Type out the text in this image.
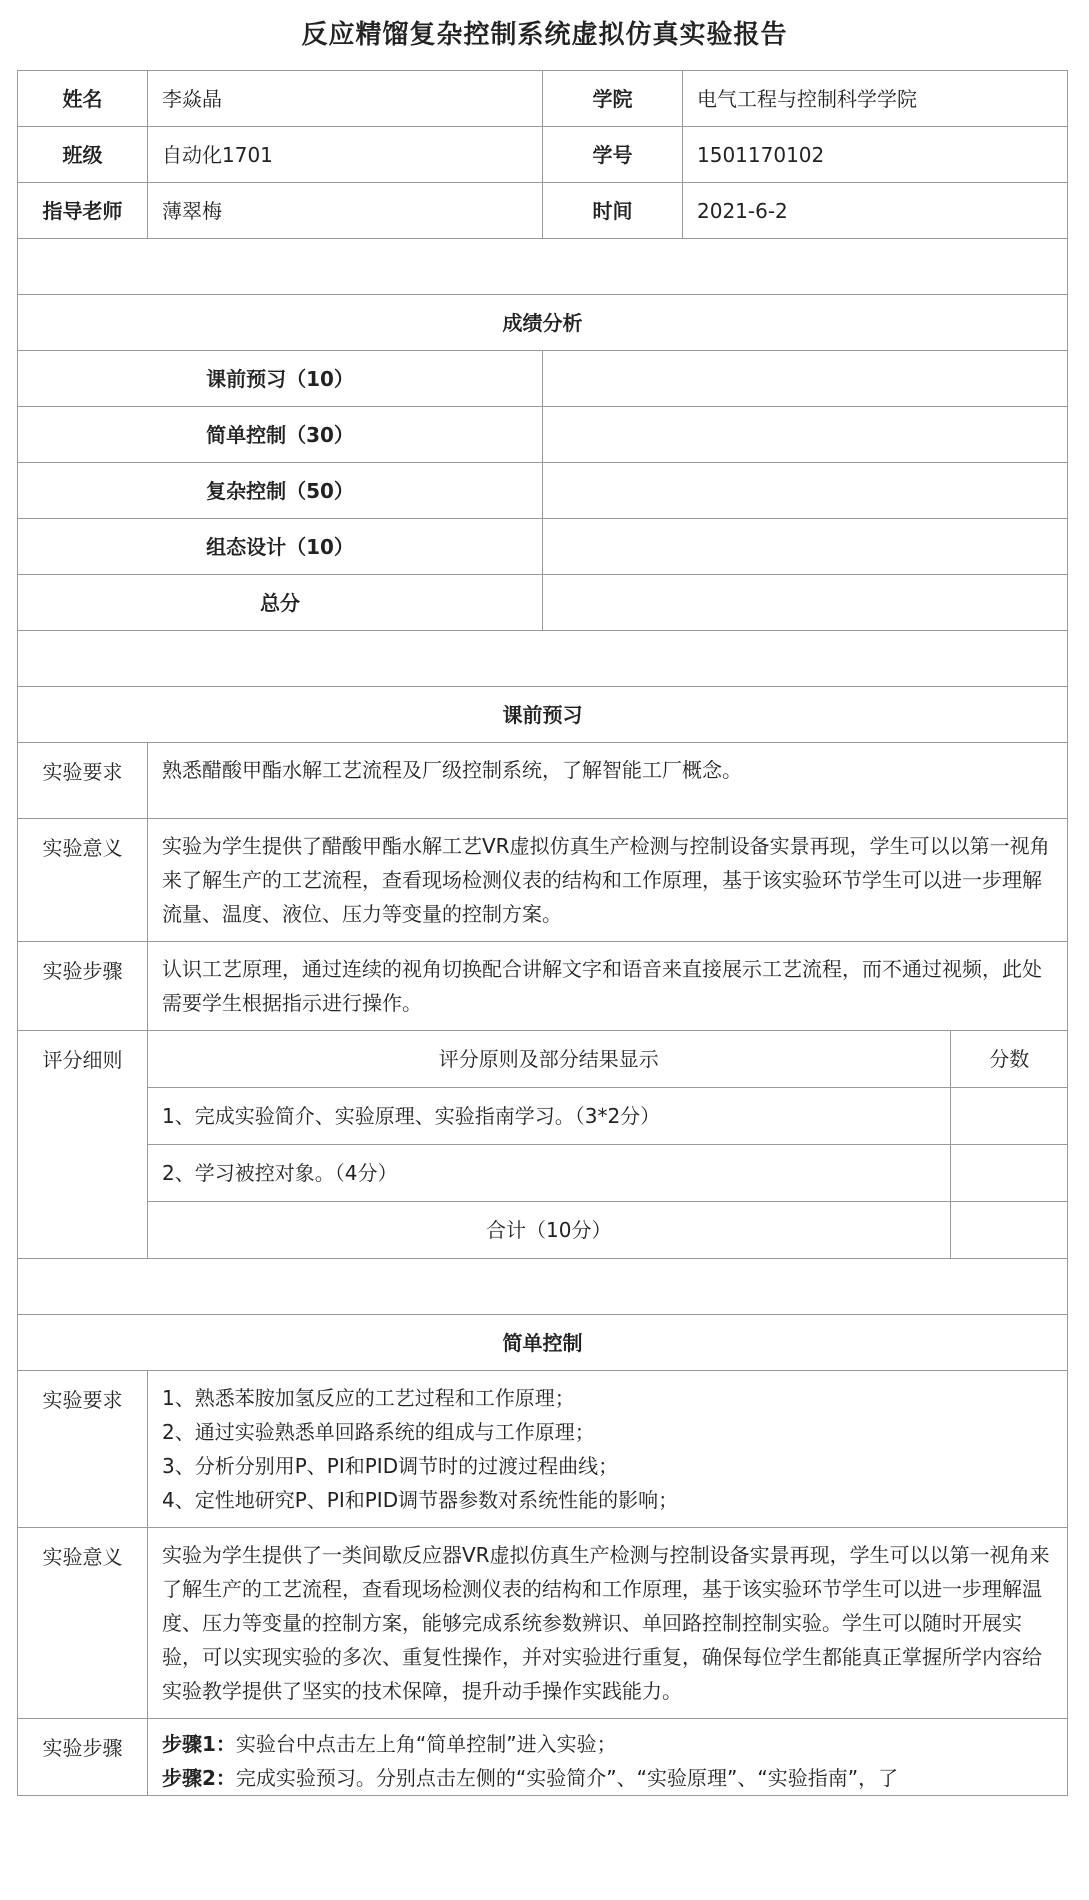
反应精馏复杂控制系统虚拟仿真实验报告
姓名	李焱晶	学院	电气工程与控制科学学院
班级	自动化1701	学号	1501170102
指导老师	薄翠梅	时间	2021-6-2

成绩分析
课前预习（10）	
简单控制（30）	
复杂控制（50）	
组态设计（10）	
总分	

课前预习
实验要求	熟悉醋酸甲酯水解工艺流程及厂级控制系统，了解智能工厂概念。
实验意义	实验为学生提供了醋酸甲酯水解工艺VR虚拟仿真生产检测与控制设备实景再现，学生可以以第一视角来了解生产的工艺流程，查看现场检测仪表的结构和工作原理，基于该实验环节学生可以进一步理解流量、温度、液位、压力等变量的控制方案。
实验步骤	认识工艺原理，通过连续的视角切换配合讲解文字和语音来直接展示工艺流程，而不通过视频，此处需要学生根据指示进行操作。
评分细则		评分原则及部分结果显示	分数
1、完成实验简介、实验原理、实验指南学习。（3*2分）	
2、学习被控对象。（4分）	
合计（10分）	

简单控制
实验要求	1、熟悉苯胺加氢反应的工艺过程和工作原理；
2、通过实验熟悉单回路系统的组成与工作原理；
3、分析分别用P、PI和PID调节时的过渡过程曲线；
4、定性地研究P、PI和PID调节器参数对系统性能的影响；

实验意义	实验为学生提供了一类间歇反应器VR虚拟仿真生产检测与控制设备实景再现，学生可以以第一视角来了解生产的工艺流程，查看现场检测仪表的结构和工作原理，基于该实验环节学生可以进一步理解温度、压力等变量的控制方案，能够完成系统参数辨识、单回路控制控制实验。学生可以随时开展实验，可以实现实验的多次、重复性操作，并对实验进行重复，确保每位学生都能真正掌握所学内容给实验教学提供了坚实的技术保障，提升动手操作实践能力。
实验步骤	步骤1：实验台中点击左上角“简单控制”进入实验；
步骤2：完成实验预习。分别点击左侧的“实验简介”、“实验原理”、“实验指南”，了
